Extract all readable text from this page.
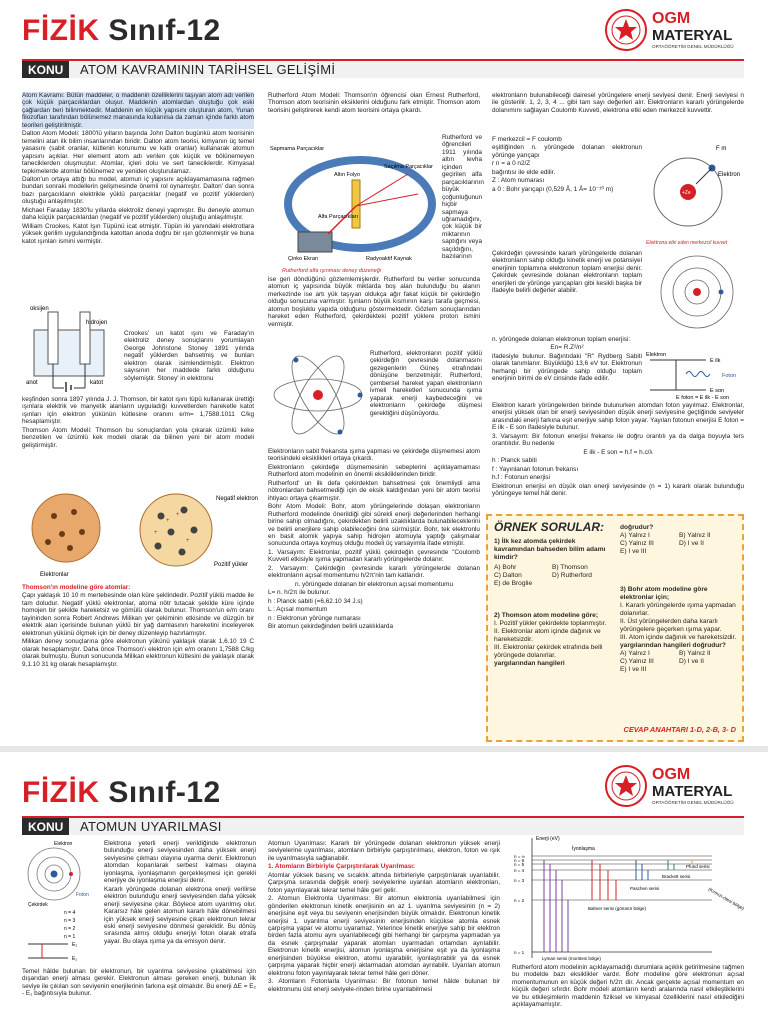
FİZİK Sınıf-12	OGM
MATERYAL
ORTAÖĞRETİM GENEL MÜDÜRLÜĞÜ
KONU	ATOM KAVRAMININ TARİHSEL GELİŞİMİ

Atom Kavramı: Bütün maddeler, o maddenin özelliklerini taşıyan atom adı verilen çok küçük parçacıklardan oluşur. Maddenin atomlardan oluştuğu çok eski çağlardan beri bilinmektedir. Maddenin en küçük yapısını oluşturan atom, Yunan filozofları tarafından bölünemez manasında kullanılsa da zaman içinde farklı atom teorileri geliştirilmiştir.

Dalton Atom Modeli: 1800'lü yılların başında John Dalton bugünkü atom teorisinin temelini atan ilk bilim insanlarından biridir. Dalton atom teorisi, kimyanın üç temel yasasını (sabit oranlar, kütlenin korunumu ve katlı oranlar) kullanarak atomun yapısını açıklar. Her element atom adı verilen çok küçük ve bölünemeyen taneciklerden oluşmuştur. Atomlar, içleri dolu ve sert taneciklerdir. Kimyasal tepkimelerde atomlar bölünemez ve yeniden oluşturulamaz.

Dalton'un ortaya attığı bu model, atomun iç yapısını açıklayamamasına rağmen bundan sonraki modellerin gelişmesinde önemli rol oynamıştır. Dalton' dan sonra bazı parçacıkların elektrikle yüklü parçacıklar (negatif ve pozitif yüklerden) oluştuğu anlaşılmıştır.

Michael Faraday 1830'lu yıllarda elektroliz deneyi yapmıştır. Bu deneyle atomun daha küçük parçacıklardan (negatif ve pozitif yüklerden) oluştuğu anlaşılmıştır.

William Crookes, Katot Işın Tüpünü icat etmiştir. Tüpün iki yanındaki elektrotlara yüksek gerilim uygulandığında katottan anoda doğru bir ışın gözlenmiştir ve buna katot ışınları ismini vermiştir.

oksijen
hidrojen
anot	katot

Crookes' un katot ışını ve Faraday'ın elektroliz deney sonuçlarını yorumlayan George Johnstone Stoney 1891 yılında negatif yüklerden bahsetmiş ve bunları elektron olarak isimlendirmiştir. Elektron sayısının her maddede farklı olduğunu söylemiştir. Stoney' in elektronu

keşfinden sonra 1897 yılında J. J. Thomson, bir katot ışını tüpü kullanarak ürettiği ışınlara elektrik ve manyetik alanların uyguladığı kuvvetlerden hareketle katot ışınları için elektron yükünün kütlesine oranını e/m= 1,7588.1011 C/kg hesaplamıştır.

Thomson Atom Modeli: Thomson bu sonuçlardan yola çıkarak üzümlü keke benzetilen ve üzümlü kek modeli olarak da bilinen yeni bir atom modeli geliştirmiştir.

+
+
+
+
Negatif elektron
Pozitif yükler
Elektronlar

Thomson'ın modeline göre atomlar:

Çapı yaklaşık 10 10 m mertebesinde olan küre şeklindedir. Pozitif yüklü madde ile tam doludur. Negatif yüklü elektronlar, atoma nötr tutacak şekilde küre içinde homojen bir şekilde hareketsiz ve gömülü olarak bulunur. Thomson'un e/m oranı tayininden sonra Robert Andrews Milikan yer çekiminin etkisinde ve düzgün bir elektrik alan içerisinde bulunan yüklü bir yağ damlasının hareketini inceleyerek elektronun yükünü ölçmek için bir deney düzenleyip hazırlamıştır.

Milikan deney sonuçlarına göre elektronun yükünü yaklaşık olarak 1,6.10 19 C olarak hesaplamıştır. Daha önce Thomson'ı elektron için e/m oranını 1,7588 C/kg olarak bulmuştu. Bunun sonucunda Milikan elektronun kütlesini de yaklaşık olarak 9,1.10 31 kg olarak hesaplamıştır.

Rutherford Atom Modeli: Thomson'ın öğrencisi olan Ernest Rutherford, Thomson atom teorisinin eksiklerini olduğunu fark etmiştir. Thomson atom teorisini geliştirerek kendi atom teorisini ortaya çıkardı.

Sapmama Parçacıklar
Saçılma Parçacıklar
Altın Folyo
Alfa Parçacıkları
Radyoaktif Kaynak
Çinko Ekran
Rutherford alfa ışınması deney düzeneği

Rutherford ve öğrencileri 1911 yılında altın levha içinden geçirilen alfa parçacıklarının büyük çoğunluğunun hiçbir sapmaya uğramadığını, çok küçük bir miktarının saptığını veya saçıldığını, bazılarının

ise geri döndüğünü gözlemlemişlerdir. Rutherford bu veriler sonucunda atomun iç yapısında büyük miktarda boş alan bulunduğu bu alanın merkezinde ise artı yük taşıyan oldukça ağır fakat küçük bir çekirdeğin olduğu sonucuna varmıştır. Işınların büyük kısmının karşı tarafa geçmesi, atomun boşluklu yapıda olduğunu göstermektedir. Gözlem sonuçlarından hareket eden Rutherford, çekirdekteki pozitif yüklere proton ismini vermiştir.

Rutherford, elektronların pozitif yüklü çekirdeğin çevresinde dolanmasını gezegenlerin Güneş etrafındaki dönüşüne benzetmiştir. Rutherford, çembersel hareket yapan elektronların ivmeli hareketleri sonucunda ışıma yaparak enerji kaybedeceğini ve elektronların çekirdeğe düşmesi gerektiğini düşünüyordu.

Elektronların sabit frekansta ışıma yapması ve çekirdeğe düşmemesi atom teorisindeki eksiklikleri ortaya çıkardı.

Elektronların çekirdeğe düşmemesinin sebeplerini açıklayamaması Rutherford atom modelinin en önemli eksikliklerinden biridir.

Rutherford' un ilk defa çekirdekten bahsetmesi çok önemliydi ama nötronlardan bahsetmediği için de eksik kaldığından yeni bir atom teorisi ihtiyacı ortaya çıkarmıştır.

Bohr Atom Modeli: Bohr, atom yörüngelerinde dolaşan elektronların Rutherford modelinde önerildiği gibi sürekli enerji değerlerinden herhangi birine sahip olmadığını, çekirdekten belirli uzaklıklarda bulunabileceklerini ve belirli enerjilere sahip olabileceğini öne sürmüştür. Bohr, tek elektronlu en basit atomik yapıya sahip hidrojen atomuyla yaptığı çalışmalar sonucunda ortaya koymuş olduğu modeli üç varsayımla ifade etmiştir.

1. Varsayım: Elektronlar, pozitif yüklü çekirdeğin çevresinde "Coulomb Kuvveti etkisiyle ışıma yapmadan kararlı yörüngelerde dolanır.

2. Varsayım: Çekirdeğin çevresinde kararlı yörüngelerde dolanan elektronların açısal momentumu h/2π'nin tam katlarıdır.

n. yörüngede dolanan bir elektronun açısal momentumu

L= n. h/2π ile bulunur.

h : Planck sabiti (=6,62.10 34 J.s)

L : Açısal momentum

n : Elektronun yörünge numarası

Bir atomun çekirdeğinden belirli uzaklıklarda

elektronların bulunabileceği dairesel yörüngelere enerji seviyesi denir. Enerji seviyesi n ile gösterilir. 1, 2, 3, 4 ... gibi tam sayı değerleri alır. Elektronların kararlı yörüngelerde dolanımını sağlayan Coulomb Kuvveti, elektrona etki eden merkezcil kuvvettir.

F merkezcil = F coulomb

eşitliğinden n. yörüngede dolanan elektronun yörünge yarıçapı

r n = a 0 n2/Z

bağıntısı ile elde edilir.

Z : Atom numarası

a 0 : Bohr yarıçapı (0,529 Å, 1 Å= 10⁻¹⁰ m)

F m
Elektron
+Ze
Elektrona etki eden merkezcil kuvvet

Çekirdeğin çevresinde kararlı yörüngelerde dolanan elektronların sahip olduğu kinetik enerji ve potansiyel enerjinin toplamına elektronun toplam enerjisi denir. Çekirdek çevresinde dolanan elektronların toplam enerjileri de yörünge yarıçapları gibi kesikli başka bir ifadeyle belirli değerler alabilir.

n. yörüngede dolanan elektronun toplam enerjisi:

En= R.Z²/n²

ifadesiyle bulunur. Bağıntıdaki "R" Rydberg Sabiti olarak tanımlanır. Büyüklüğü 13,6 eV tur. Elektronun herhangi bir yörüngede sahip olduğu toplam enerjinin birimi de eV cinsinde ifade edilir.

Elektron
Foton
E ilk
E son
E foton = E ilk - E son

Elektron kararlı yörüngelerden birinde bulunurken atomdan foton yayılmaz. Elektronlar, enerjisi yüksek olan bir enerji seviyesinden düşük enerji seviyesine geçtiğinde seviyeler arasındaki enerji farkına eşit enerjiye sahip foton yayar. Yayılan fotonun enerjisi E foton = E ilk - E son ifadesiyle bulunur.

3. Varsayım: Bir fotonun enerjisi frekansı ile doğru orantılı ya da dalga boyuyla ters orantılıdır. Bu nedenle

E ilk - E son = h.f = h.c/λ

h : Planck sabiti

f : Yayınlanan fotonun frekansı

h.f : Fotonun enerjisi

Elektronun enerjisi en düşük olan enerji seviyesinde (n = 1) kararlı olarak bulunduğu yörüngeye temel hâl denir.

ÖRNEK SORULAR:
1) İlk kez atomda çekirdek kavramından bahseden bilim adamı kimdir?
A) Bohr	B) Thomson
C) Dalton	D) Rutherford
E) de Broglie
2) Thomson atom modeline göre;
I. Pozitif yükler çekirdekte toplanmıştır.
II. Elektronlar atom içinde dağınık ve hareketsizdir.
III. Elektronlar çekirdek etrafında belli yörüngede dolanırlar.
yargılarından hangileri
doğrudur?
A) Yalnız I	B) Yalnız II
C) Yalnız III	D) I ve II
E) I ve III
3) Bohr atom modeline göre elektronlar için;
I. Kararlı yörüngelerde ışıma yapmadan dolanırlar.
II. Üst yörüngelerden daha kararlı yörüngelere geçerken ışıma yapar.
III. Atom içinde dağınık ve hareketsizdir.
yargılarından hangileri doğrudur?
A) Yalnız I	B) Yalnız II
C) Yalnız III	D) I ve II
E) I ve III
CEVAP ANAHTARI 1-D, 2-B, 3- D
FİZİK Sınıf-12
OGM
MATERYAL
ORTAÖĞRETİM GENEL MÜDÜRLÜĞÜ
KONU	ATOMUN UYARILMASI
Elektron
Çekirdek
Foton
n = 4
n = 3
n = 2
n = 1
E₂
E₁

Elektrona yeterli enerji verildiğinde elektronun bulunduğu enerji seviyesinden daha yüksek enerji seviyesine çıkması olayına uyarma denir. Elektronun atomdan koparılarak serbest kalması olayına iyonlaşma, iyonlaşmanın gerçekleşmesi için gerekli enerjiye de iyonlaşma enerjisi denir.

Kararlı yörüngede dolanan elektrona enerji verilirse elektron bulunduğu enerji seviyesinden daha yüksek enerji seviyesine çıkar. Böylece atom uyarılmış olur. Kararsız hâle gelen atomun kararlı hâle dönebilmesi için yüksek enerji seviyesine çıkan elektronun tekrar eski enerji seviyesine dönmesi gereklidir. Bu dönüş sırasında almış olduğu enerjiyi foton olarak etrafa yayar. Bu olaya ışıma ya da emisyon denir.

Temel hâlde bulunan bir elektronun, bir uyarılma seviyesine çıkabilmesi için dışarıdan enerji alması gerekir. Elektronun alması gereken enerji, bulunan ilk seviye ile çıkılan son seviyenin enerjilerinin farkına eşit olmalıdır. Bu enerji ΔE = E₂ - E₁ bağıntısıyla bulunur.

Atomun Uyarılması: Kararlı bir yörüngede dolanan elektronun yüksek enerji seviyelerine uyarılması, atomların birbiriyle çarpıştırılması, elektron, foton ve ışık ile uyarılmasıyla sağlanabilir.

1. Atomların Birbiriyle Çarpıştırılarak Uyarılması:

Atomlar yüksek basınç ve sıcaklık altında birbirleriyle çarpıştırılarak uyarılabilir. Çarpışma sırasında değişik enerji seviyelerine uyarılan atomların elektronları, foton yayınlayarak tekrar temel hâle geri gelir.

2. Atomun Elektronla Uyarılması: Bir atomun elektronla uyarılabilmesi için gönderilen elektronun kinetik enerjisinin en az 1. uyarılma seviyesinin (n = 2) enerjisine eşit veya bu seviyenin enerjisinden büyük olmalıdır. Elektronun kinetik enerjisi 1. uyarılma enerji seviyesinin enerjisinden küçükse atomla esnek çarpışma yapar ve atomu uyaramaz. Yeterince kinetik enerjiye sahip bir elektron birden fazla atomu aynı uyarılabileceği gibi herhangi bir çarpışma yapmadan ya da esnek çarpışmalar yaparak atomları uyarmadan ortamdan ayrılabilir. Elektronun kinetik enerjisi, atomun iyonlaşma enerjisine eşit ya da iyonlaşma enerjisinden büyükse elektron, atomu uyarabilir, iyonlaştırabilir ya da esnek çarpışma yaparak hiçbir enerji aktarmadan atomdan ayrılabilir. Uyarılan atomun elektronu foton yayınlayarak tekrar temel hâle geri döner.

3. Atomların Fotonlarla Uyarılması: Bir fotonun temel hâlde bulunan bir elektronunu üst enerji seviyele-rinden birine uyarılabilmesi

Enerji (eV)
İyonlaşma
n = ∞
n = 6
n = 5
n = 4
n = 3
n = 2
n = 1
Pfund serisi
Brackett serisi
Paschen serisi
Balmer serisi (görünür bölge)
Lyman serisi (morötesi bölge)
(Kırmızı-ötesi bölge)

Rutherford atom modelinin açıklayamadığı durumlara açıklık getirilmesine rağmen bu modelde bazı eksiklikler vardır. Bohr modeline göre elektronun açısal momentumunun en küçük değeri h/2π dir. Ancak gerçekte açısal momentum en küçük değeri sıfırdır. Bohr modeli atomların kendi aralarında nasıl etkileştiklerini ve bu etkileşimlerin maddenin fiziksel ve kimyasal özelliklerini nasıl etkilediğini açıklayamamıştır.
